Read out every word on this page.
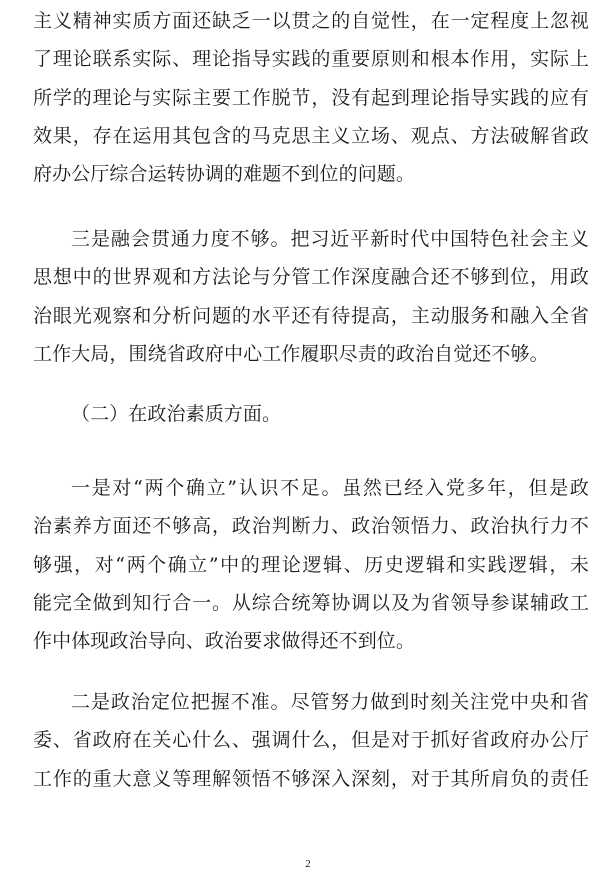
主义精神实质方面还缺乏一以贯之的自觉性，在一定程度上忽视
了理论联系实际、理论指导实践的重要原则和根本作用，实际上
所学的理论与实际主要工作脱节，没有起到理论指导实践的应有
效果，存在运用其包含的马克思主义立场、观点、方法破解省政
府办公厅综合运转协调的难题不到位的问题。
三是融会贯通力度不够。把习近平新时代中国特色社会主义
思想中的世界观和方法论与分管工作深度融合还不够到位，用政
治眼光观察和分析问题的水平还有待提高，主动服务和融入全省
工作大局，围绕省政府中心工作履职尽责的政治自觉还不够。
（二）在政治素质方面。
一是对“两个确立”认识不足。虽然已经入党多年，但是政
治素养方面还不够高，政治判断力、政治领悟力、政治执行力不
够强，对“两个确立”中的理论逻辑、历史逻辑和实践逻辑，未
能完全做到知行合一。从综合统筹协调以及为省领导参谋辅政工
作中体现政治导向、政治要求做得还不到位。
二是政治定位把握不准。尽管努力做到时刻关注党中央和省
委、省政府在关心什么、强调什么，但是对于抓好省政府办公厅
工作的重大意义等理解领悟不够深入深刻，对于其所肩负的责任
2
